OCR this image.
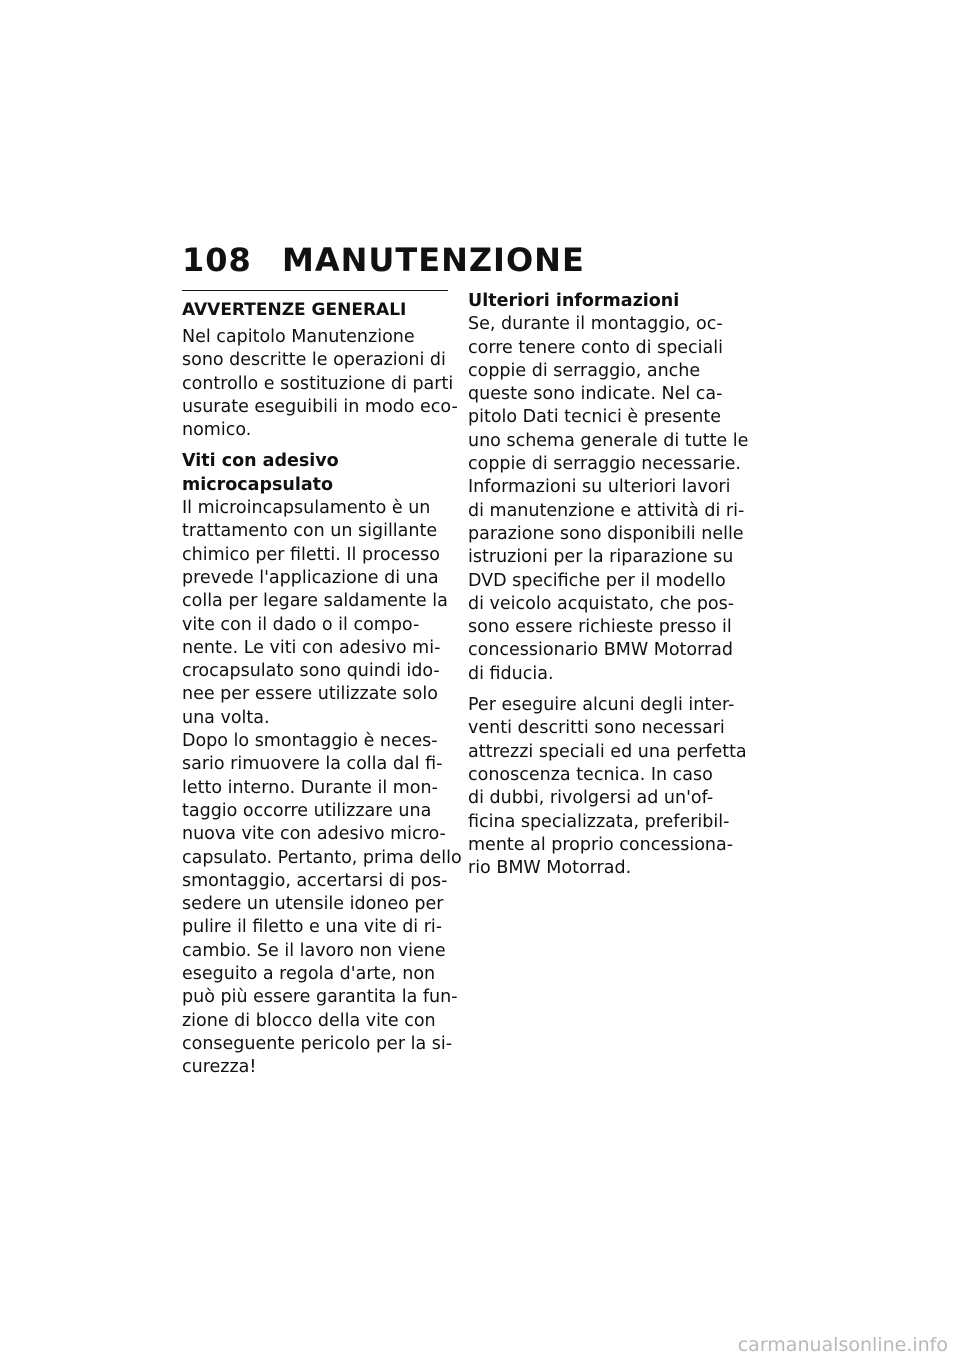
108 MANUTENZIONE
AVVERTENZE GENERALI
Nel capitolo Manutenzione
sono descritte le operazioni di
controllo e sostituzione di parti
usurate eseguibili in modo eco-
nomico.
Viti con adesivo
microcapsulato
Il microincapsulamento è un
trattamento con un sigillante
chimico per filetti. Il processo
prevede l'applicazione di una
colla per legare saldamente la
vite con il dado o il compo-
nente. Le viti con adesivo mi-
crocapsulato sono quindi ido-
nee per essere utilizzate solo
una volta.
Dopo lo smontaggio è neces-
sario rimuovere la colla dal fi-
letto interno. Durante il mon-
taggio occorre utilizzare una
nuova vite con adesivo micro-
capsulato. Pertanto, prima dello
smontaggio, accertarsi di pos-
sedere un utensile idoneo per
pulire il filetto e una vite di ri-
cambio. Se il lavoro non viene
eseguito a regola d'arte, non
può più essere garantita la fun-
zione di blocco della vite con
conseguente pericolo per la si-
curezza!
Ulteriori informazioni
Se, durante il montaggio, oc-
corre tenere conto di speciali
coppie di serraggio, anche
queste sono indicate. Nel ca-
pitolo Dati tecnici è presente
uno schema generale di tutte le
coppie di serraggio necessarie.
Informazioni su ulteriori lavori
di manutenzione e attività di ri-
parazione sono disponibili nelle
istruzioni per la riparazione su
DVD specifiche per il modello
di veicolo acquistato, che pos-
sono essere richieste presso il
concessionario BMW Motorrad
di fiducia.
Per eseguire alcuni degli inter-
venti descritti sono necessari
attrezzi speciali ed una perfetta
conoscenza tecnica. In caso
di dubbi, rivolgersi ad un'of-
ficina specializzata, preferibil-
mente al proprio concessiona-
rio BMW Motorrad.
carmanualsonline.info
